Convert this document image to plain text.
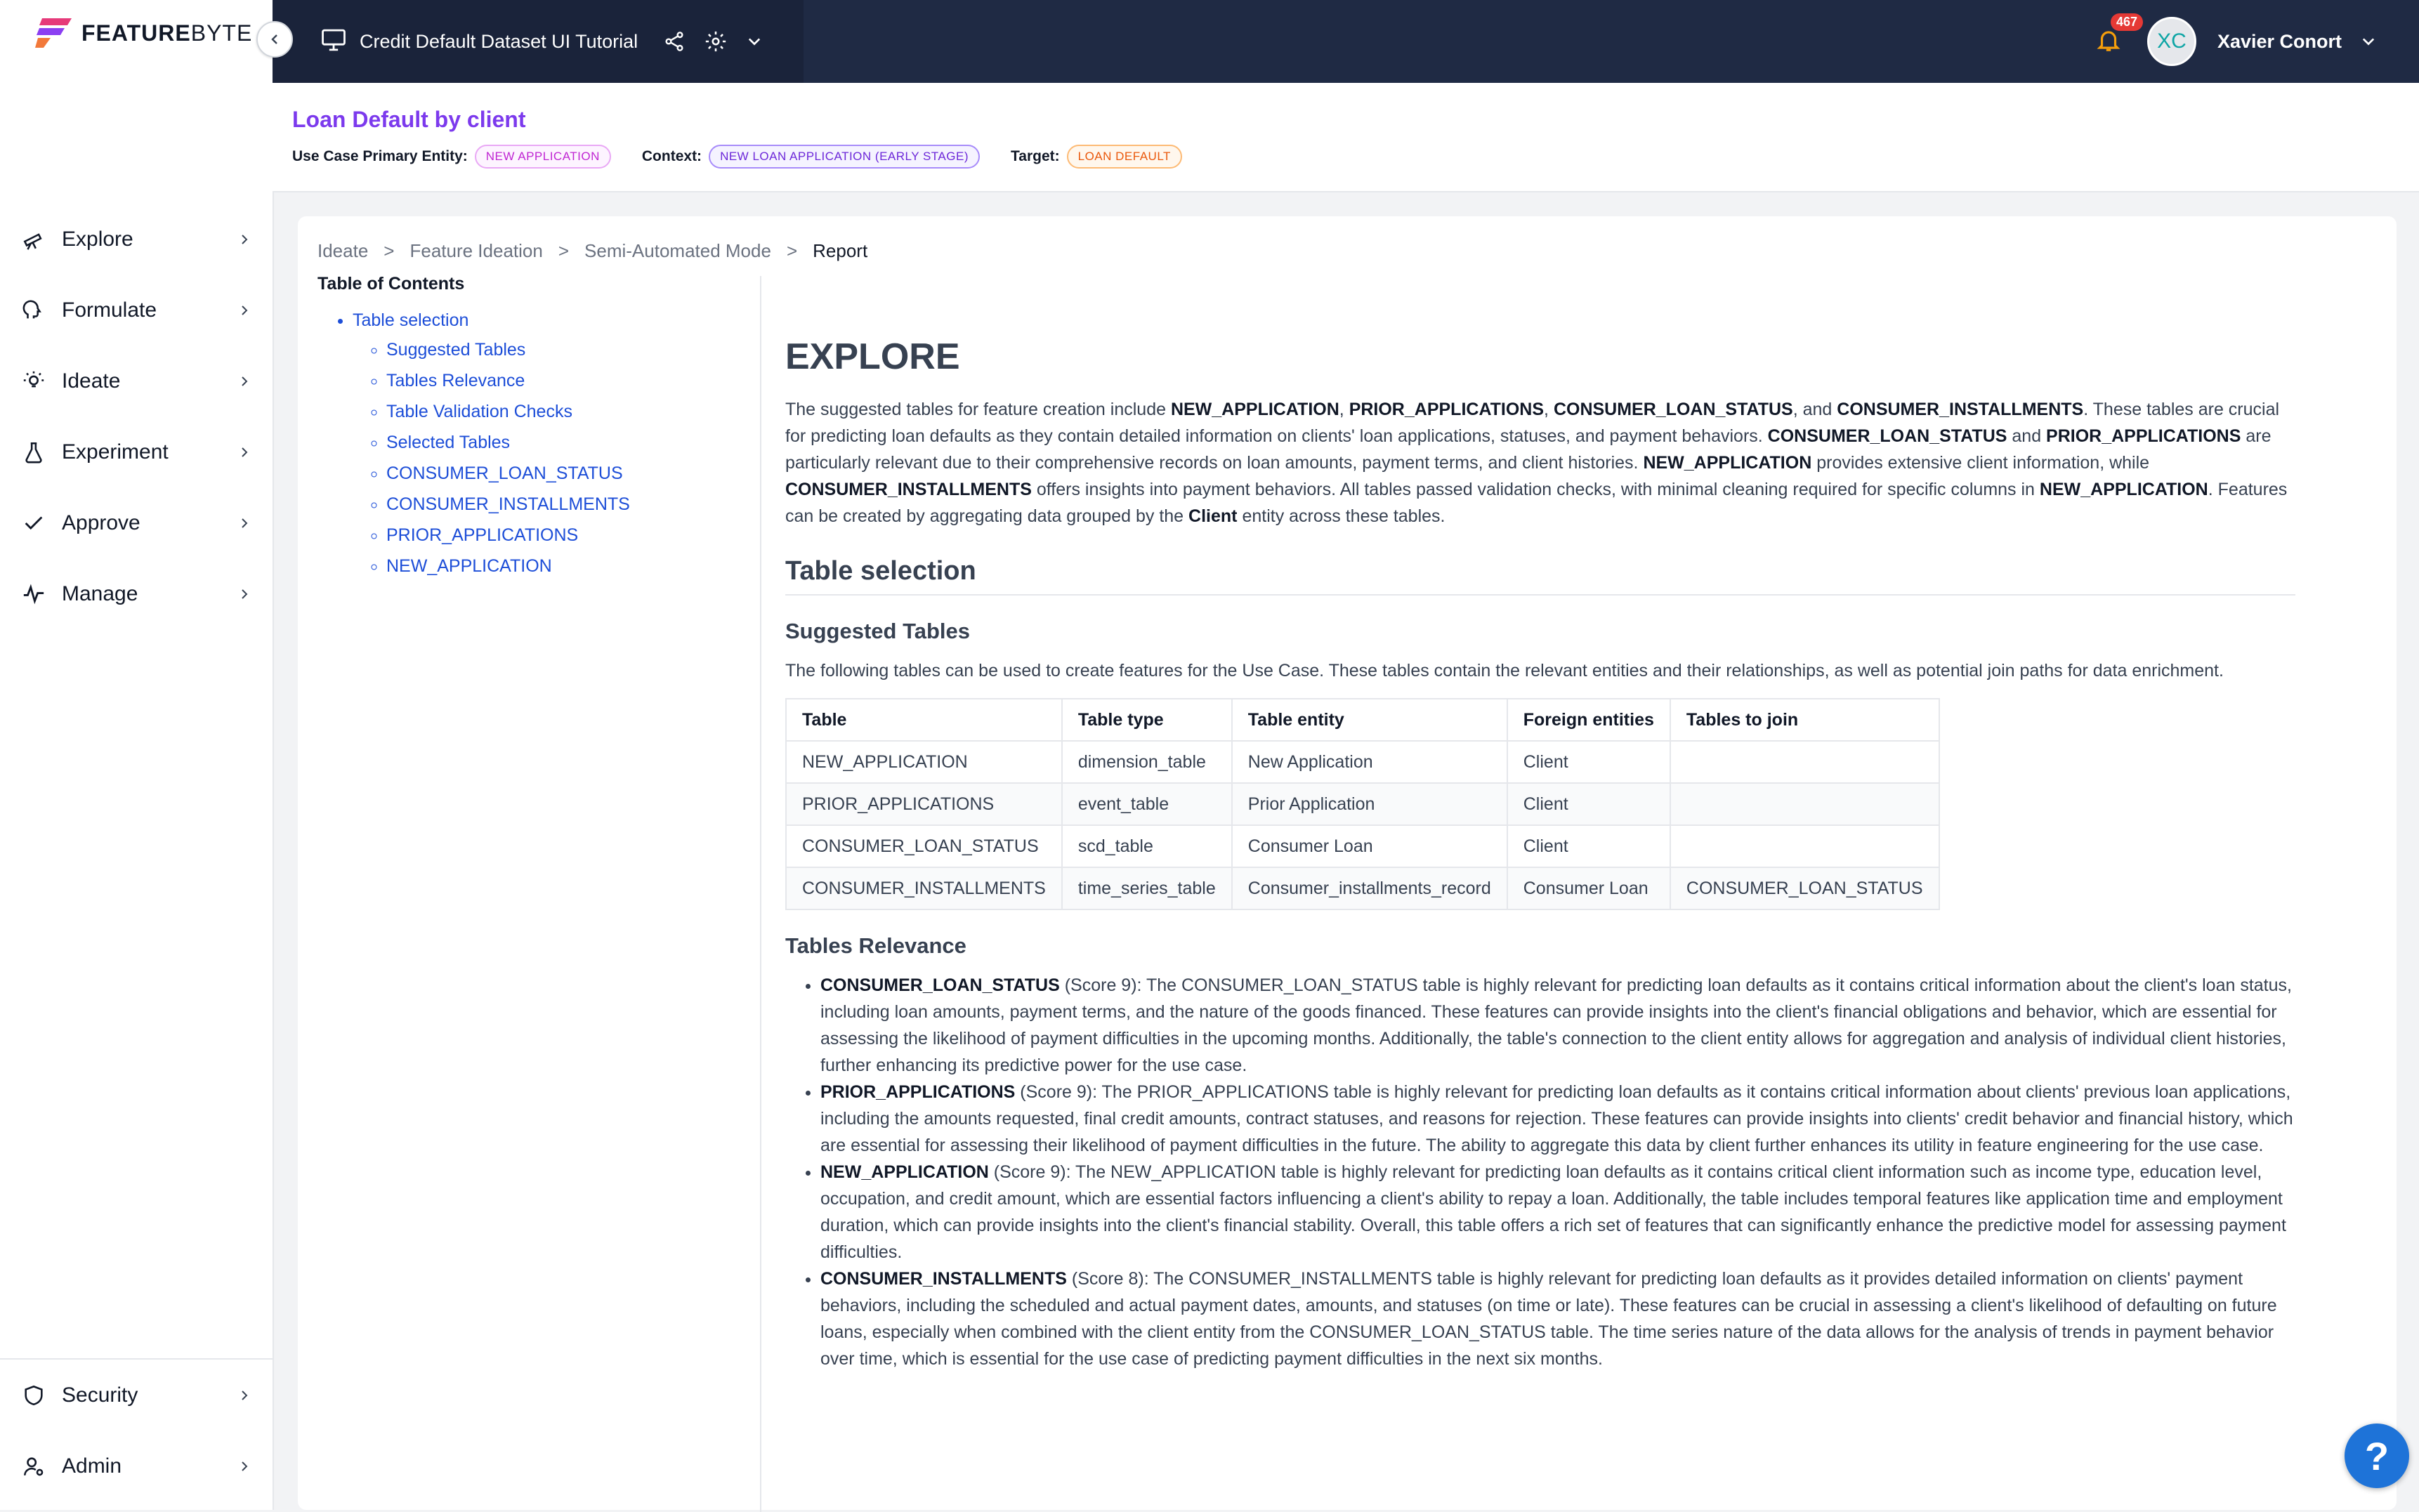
FEATUREBYTE
Explore
Formulate
Ideate
Experiment
Approve
Manage
Security
Admin
Credit Default Dataset UI Tutorial
467
XC	Xavier Conort
Loan Default by client
Use Case Primary Entity:	NEW APPLICATION	Context:	NEW LOAN APPLICATION (EARLY STAGE)	Target:	LOAN DEFAULT
Ideate > Feature Ideation > Semi-Automated Mode > Report
Table of Contents
• Table selection
◦ Suggested Tables
◦ Tables Relevance
◦ Table Validation Checks
◦ Selected Tables
◦ CONSUMER_LOAN_STATUS
◦ CONSUMER_INSTALLMENTS
◦ PRIOR_APPLICATIONS
◦ NEW_APPLICATION
EXPLORE

The suggested tables for feature creation include NEW_APPLICATION, PRIOR_APPLICATIONS, CONSUMER_LOAN_STATUS, and CONSUMER_INSTALLMENTS. These tables are crucial for predicting loan defaults as they contain detailed information on clients' loan applications, statuses, and payment behaviors. CONSUMER_LOAN_STATUS and PRIOR_APPLICATIONS are particularly relevant due to their comprehensive records on loan amounts, payment terms, and client histories. NEW_APPLICATION provides extensive client information, while CONSUMER_INSTALLMENTS offers insights into payment behaviors. All tables passed validation checks, with minimal cleaning required for specific columns in NEW_APPLICATION. Features can be created by aggregating data grouped by the Client entity across these tables.

Table selection
Suggested Tables

The following tables can be used to create features for the Use Case. These tables contain the relevant entities and their relationships, as well as potential join paths for data enrichment.

Table	Table type	Table entity	Foreign entities	Tables to join
NEW_APPLICATION	dimension_table	New Application	Client	
PRIOR_APPLICATIONS	event_table	Prior Application	Client	
CONSUMER_LOAN_STATUS	scd_table	Consumer Loan	Client	
CONSUMER_INSTALLMENTS	time_series_table	Consumer_installments_record	Consumer Loan	CONSUMER_LOAN_STATUS
Tables Relevance
• CONSUMER_LOAN_STATUS (Score 9): The CONSUMER_LOAN_STATUS table is highly relevant for predicting loan defaults as it contains critical information about the client's loan status, including loan amounts, payment terms, and the nature of the goods financed. These features can provide insights into the client's financial obligations and behavior, which are essential for assessing the likelihood of payment difficulties in the upcoming months. Additionally, the table's connection to the client entity allows for aggregation and analysis of individual client histories, further enhancing its predictive power for the use case.
• PRIOR_APPLICATIONS (Score 9): The PRIOR_APPLICATIONS table is highly relevant for predicting loan defaults as it contains critical information about clients' previous loan applications, including the amounts requested, final credit amounts, contract statuses, and reasons for rejection. These features can provide insights into clients' credit behavior and financial history, which are essential for assessing their likelihood of payment difficulties in the future. The ability to aggregate this data by client further enhances its utility in feature engineering for the use case.
• NEW_APPLICATION (Score 9): The NEW_APPLICATION table is highly relevant for predicting loan defaults as it contains critical client information such as income type, education level, occupation, and credit amount, which are essential factors influencing a client's ability to repay a loan. Additionally, the table includes temporal features like application time and employment duration, which can provide insights into the client's financial stability. Overall, this table offers a rich set of features that can significantly enhance the predictive model for assessing payment difficulties.
• CONSUMER_INSTALLMENTS (Score 8): The CONSUMER_INSTALLMENTS table is highly relevant for predicting loan defaults as it provides detailed information on clients' payment behaviors, including the scheduled and actual payment dates, amounts, and statuses (on time or late). These features can be crucial in assessing a client's likelihood of defaulting on future loans, especially when combined with the client entity from the CONSUMER_LOAN_STATUS table. The time series nature of the data allows for the analysis of trends in payment behavior over time, which is essential for the use case of predicting payment difficulties in the next six months.
?
